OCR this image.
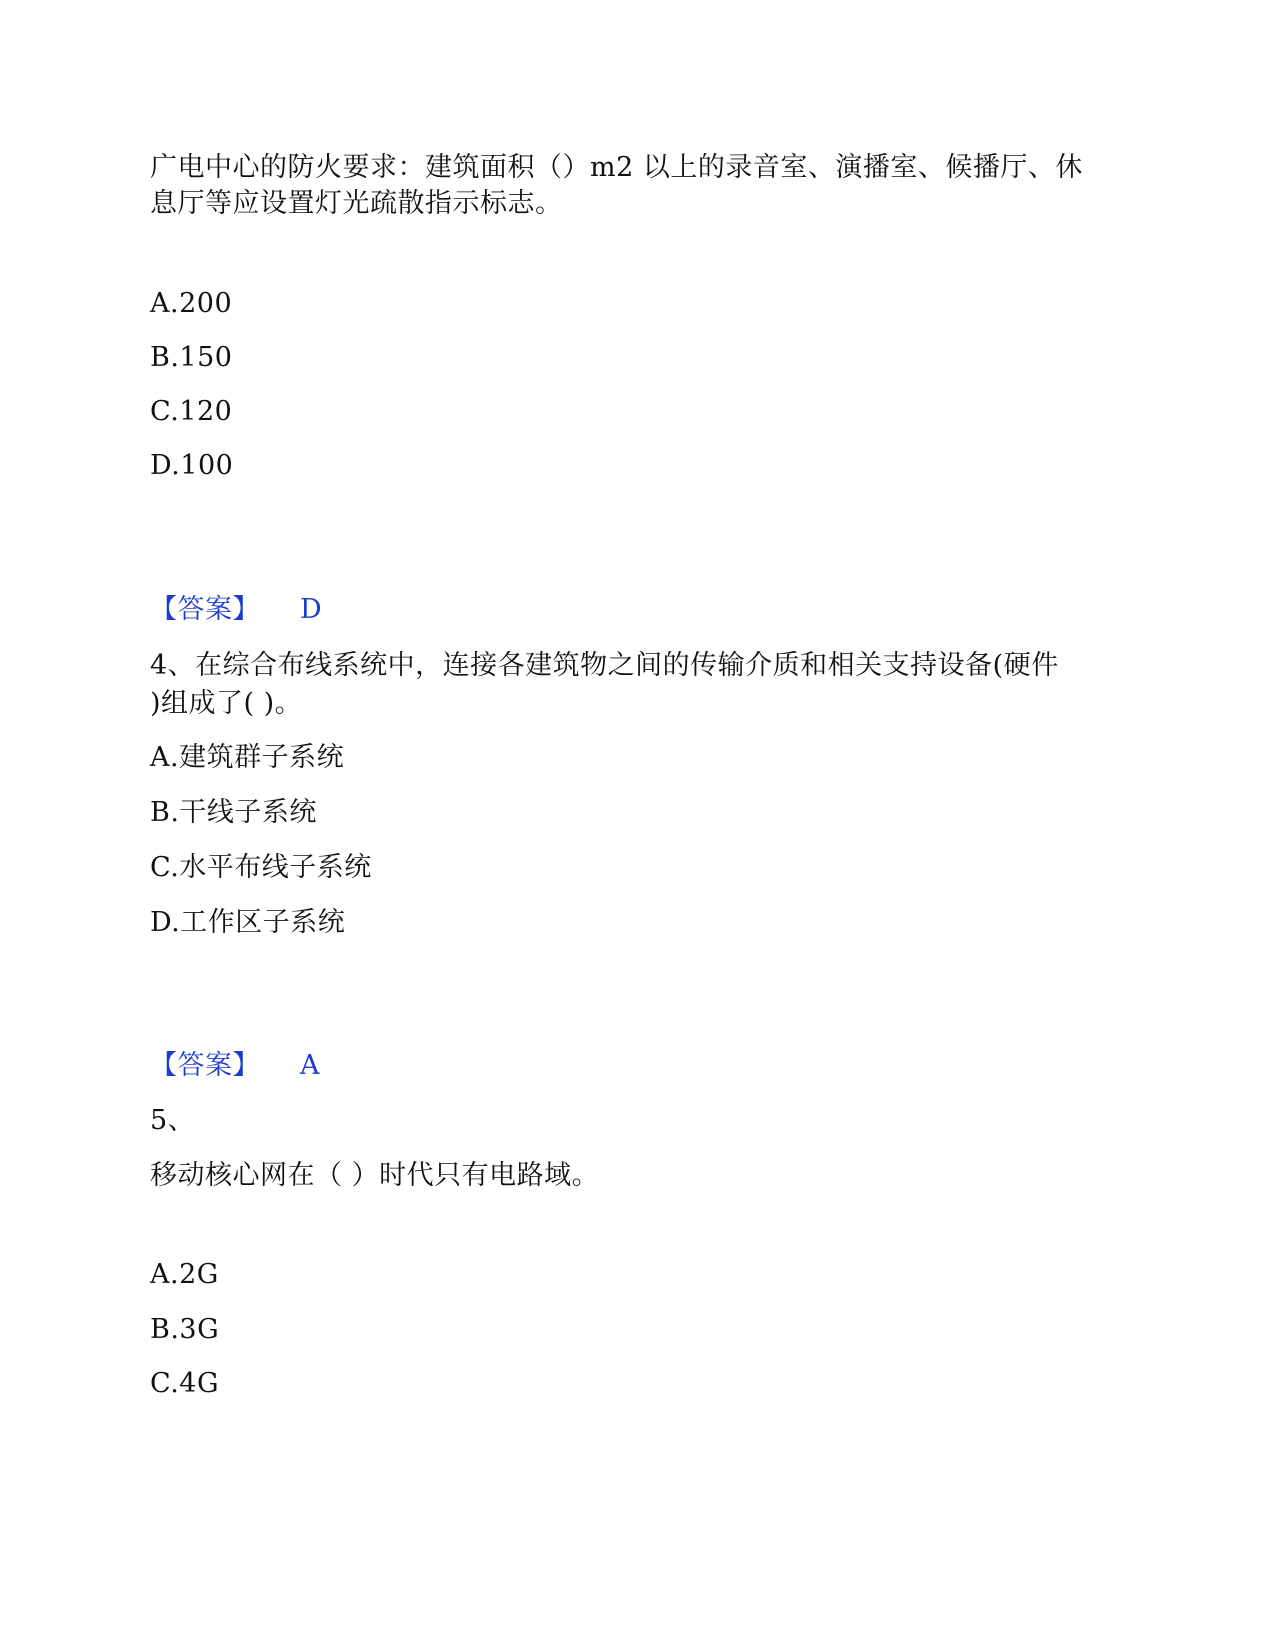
广电中心的防火要求：建筑面积（）m2 以上的录音室、演播室、候播厅、休
息厅等应设置灯光疏散指示标志。
A.200
B.150
C.120
D.100
【答案】 D
4、在综合布线系统中，连接各建筑物之间的传输介质和相关支持设备(硬件
)组成了( )。
A.建筑群子系统
B.干线子系统
C.水平布线子系统
D.工作区子系统
【答案】 A
5、
移动核心网在（ ）时代只有电路域。
A.2G
B.3G
C.4G
